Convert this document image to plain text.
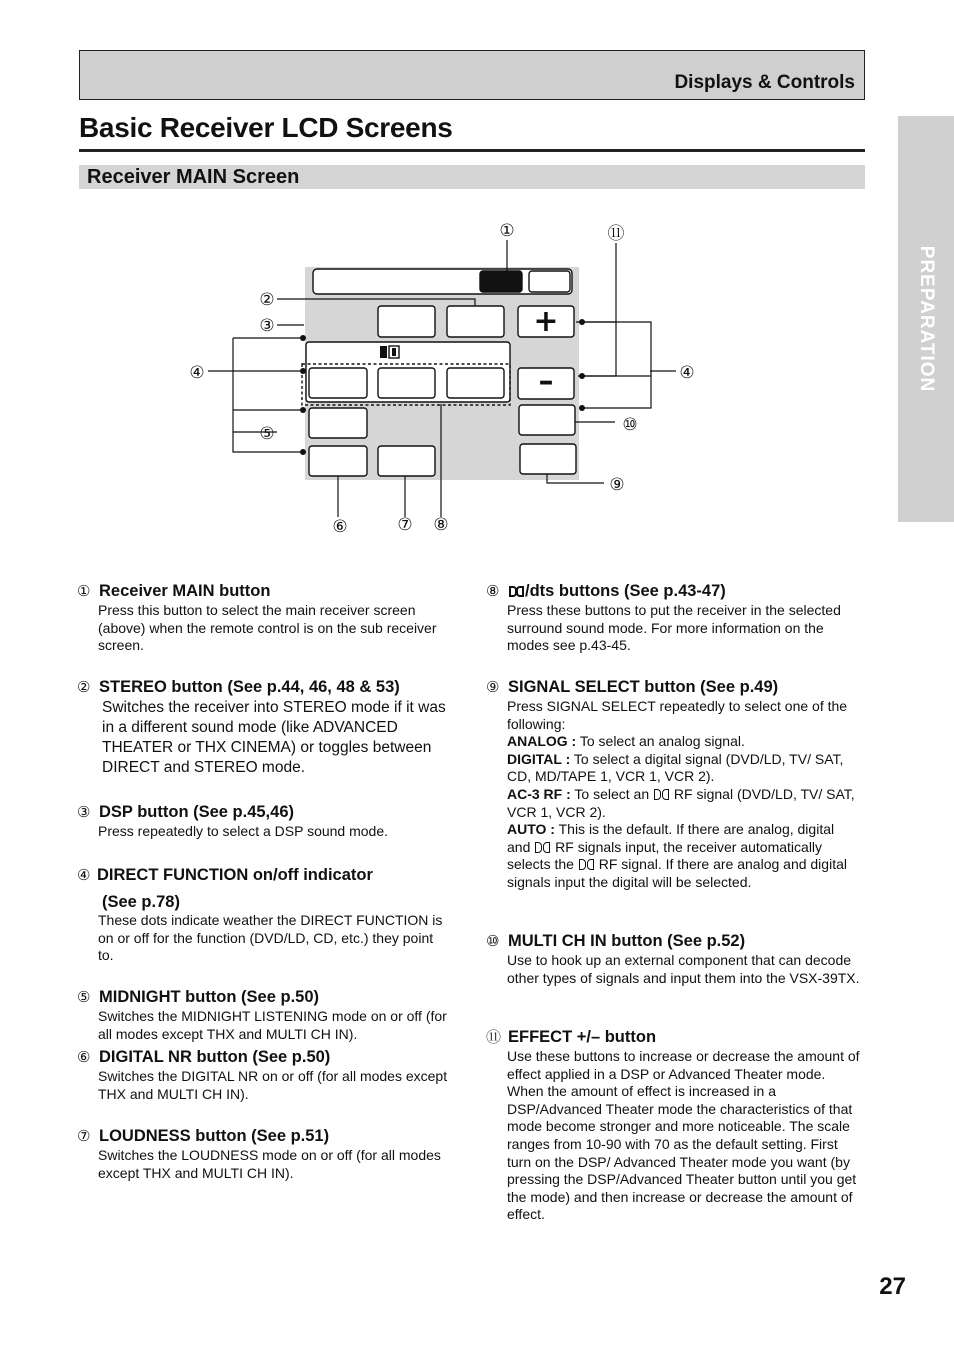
Displays & Controls
Basic Receiver LCD Screens
Receiver MAIN Screen
PREPARATION
+
–
①	⑪
②
③
④	④
⑤	⑩
⑨
⑥	⑦ ⑧
① Receiver MAIN button
Press this button to select the main receiver screen (above) when the remote control is on the sub receiver screen.
② STEREO button (See p.44, 46, 48 & 53)
Switches the receiver into STEREO mode if it was in a different sound mode (like ADVANCED THEATER or THX CINEMA) or toggles between DIRECT and STEREO mode.
③ DSP button (See p.45,46)
Press repeatedly to select a DSP sound mode.
④ DIRECT FUNCTION on/off indicator
(See p.78)
These dots indicate weather the DIRECT FUNCTION is on or off for the function (DVD/LD, CD, etc.) they point to.
⑤ MIDNIGHT button (See p.50)
Switches the MIDNIGHT LISTENING mode on or off (for all modes except THX and MULTI CH IN).
⑥ DIGITAL NR button (See p.50)
Switches the DIGITAL NR on or off (for all modes except THX and MULTI CH IN).
⑦ LOUDNESS button (See p.51)
Switches the LOUDNESS mode on or off (for all modes except THX and MULTI CH IN).
⑧ /dts buttons (See p.43-47)
Press these buttons to put the receiver in the selected surround sound mode. For more information on the modes see p.43-45.
⑨ SIGNAL SELECT button (See p.49)
Press SIGNAL SELECT repeatedly to select one of the following:
ANALOG : To select an analog signal.
DIGITAL : To select a digital signal (DVD/LD, TV/ SAT, CD, MD/TAPE 1, VCR 1, VCR 2).
AC-3 RF : To select an  RF signal (DVD/LD, TV/ SAT, VCR 1, VCR 2).
AUTO : This is the default. If there are analog, digital and  RF signals input, the receiver automatically selects the  RF signal. If there are analog and digital signals input the digital will be selected.
⑩ MULTI CH IN button (See p.52)
Use to hook up an external component that can decode other types of signals and input them into the VSX-39TX.
⑪ EFFECT +/– button
Use these buttons to increase or decrease the amount of effect applied in a DSP or Advanced Theater mode. When the amount of effect is increased in a DSP/Advanced Theater mode the characteristics of that mode become stronger and more noticeable. The scale ranges from 10-90 with 70 as the default setting. First turn on the DSP/ Advanced Theater mode you want (by pressing the DSP/Advanced Theater button until you get the mode) and then increase or decrease the amount of effect.
27
